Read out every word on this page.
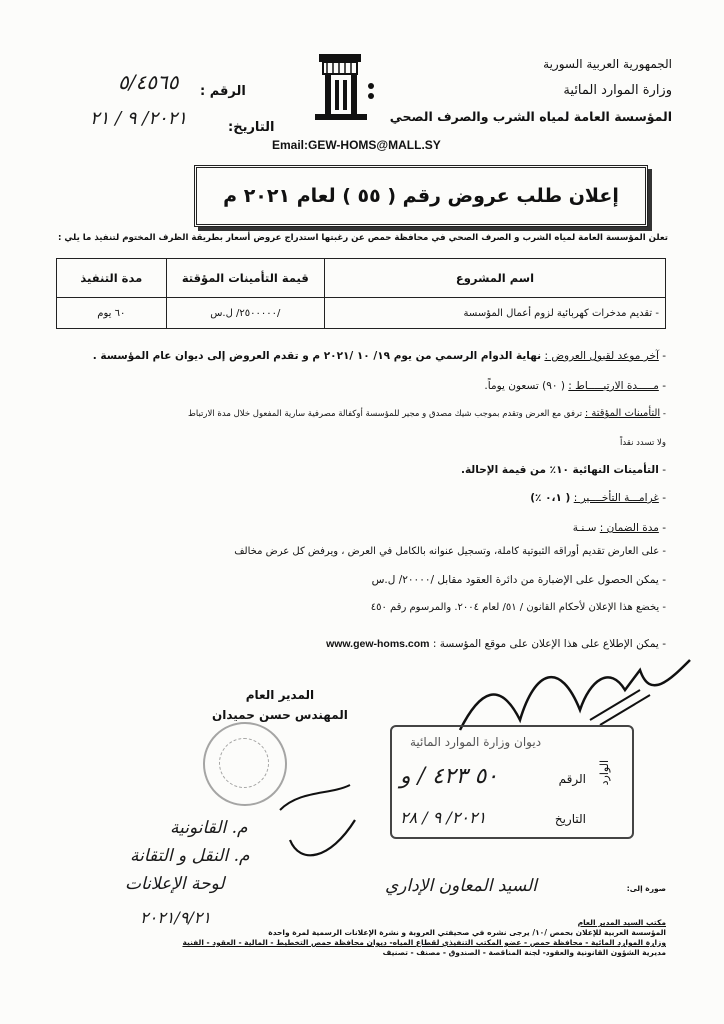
الجمهورية العربية السورية
وزارة الموارد المائية
المؤسسة العامة لمياه الشرب والصرف الصحي
الرقم :
٥/٤٥٦٥
التاريخ:
٢٠٢١/ ٩ / ٢١
Email:GEW-HOMS@MALL.SY
إعلان طلب عروض رقم ( ٥٥ ) لعام ٢٠٢١ م
تعلن المؤسسة العامة لمياه الشرب و الصرف الصحي في محافظة حمص عن رغبتها استدراج عروض أسعار بطريقة الظرف المختوم لتنفيذ ما يلي :
اسم المشروع	قيمة التأمينات المؤقتة	مدة التنفيذ
- تقديم مدخرات كهربائية لزوم أعمال المؤسسة	/٢٥٠٠٠٠٠/ ل.س	٦٠ يوم
- آخر موعد لقبول العروض : نهاية الدوام الرسمي من يوم ١٩/ ١٠ /٢٠٢١ م و تقدم العروض إلى ديوان عام المؤسسة .
- مـــــدة الارتبـــــاط : ( ٩٠) تسعون يوماً.
- التأمينات المؤقتة : ترفق مع العرض وتقدم بموجب شيك مصدق و مجير للمؤسسة أوكفالة مصرفية سارية المفعول خلال مدة الارتباط
ولا تسدد نقداً
- التأمينات النهائية ١٠٪ من قيمة الإحالة.
- غرامـــة التأخــــير : ( ٠،١ ٪)
- مدة الضمان : سـنـة
- على العارض تقديم أوراقه الثبوتية كاملة، وتسجيل عنوانه بالكامل في العرض ، ويرفض كل عرض مخالف
- يمكن الحصول على الإضبارة من دائرة العقود مقابل /٢٠٠٠٠/ ل.س
- يخضع هذا الإعلان لأحكام القانون / ٥١/ لعام ٢٠٠٤. والمرسوم رقم ٤٥٠
- يمكن الإطلاع على هذا الإعلان على موقع المؤسسة : www.gew-homs.com
ديوان وزارة الموارد المائية
الرقم
٥٠ ٤٢٣ / و
التاريخ
٢٠٢١/ ٩ / ٢٨
الوارد
المدير العام
المهندس حسن حميدان
م. القانونية
م. النقل و التقانة
لوحة الإعلانات	السيد المعاون الإداري
٢٠٢١/٩/٢١
صورة إلى:
مكتب السيد المدير العام
المؤسسة العربية للإعلان بحمص /١٠/ يرجى نشره في صحيفتي العروبة و نشرة الإعلانات الرسمية لمرة واحدة
وزارة الموارد المائية - محافظة حمص - عضو المكتب التنفيذي لقطاع المياه- ديوان محافظة حمص التخطيط - المالية - العقود - الفنية
مديرية الشؤون القانونية والعقود- لجنة المناقصة - الصندوق - مصنف - تصنيف
